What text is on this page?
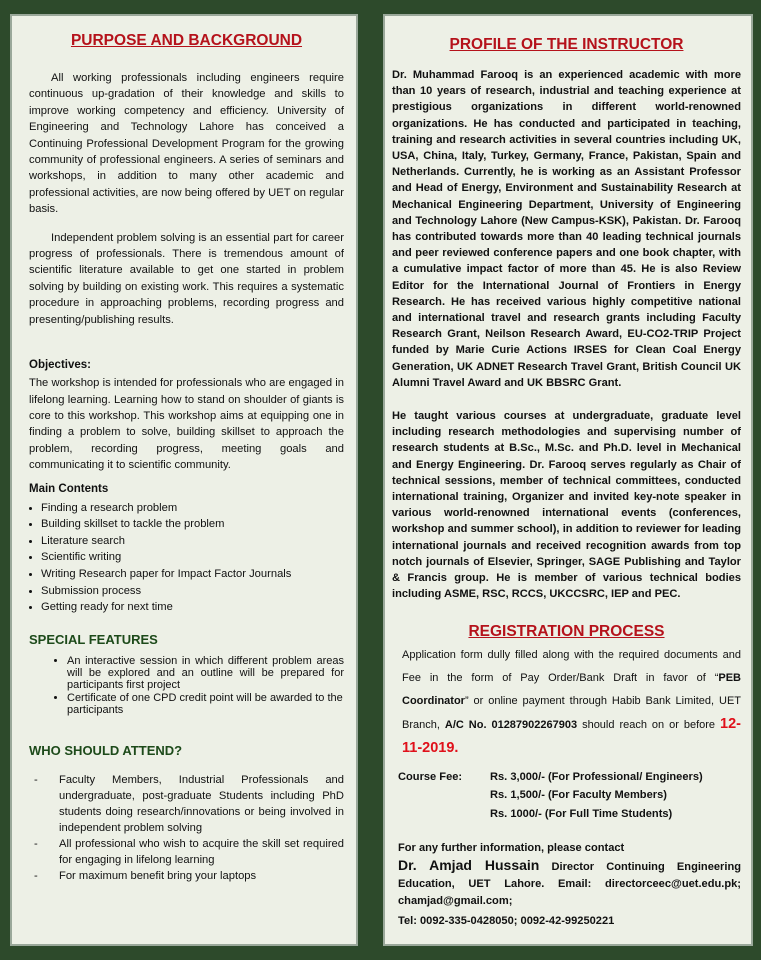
PURPOSE AND BACKGROUND

All working professionals including engineers require continuous up-gradation of their knowledge and skills to improve working competency and efficiency. University of Engineering and Technology Lahore has conceived a Continuing Professional Development Program for the growing community of professional engineers. A series of seminars and workshops, in addition to many other academic and professional activities, are now being offered by UET on regular basis.

Independent problem solving is an essential part for career progress of professionals. There is tremendous amount of scientific literature available to get one started in problem solving by building on existing work. This requires a systematic procedure in approaching problems, recording progress and presenting/publishing results.

Objectives:

The workshop is intended for professionals who are engaged in lifelong learning. Learning how to stand on shoulder of giants is core to this workshop. This workshop aims at equipping one in finding a problem to solve, building skillset to approach the problem, recording progress, meeting goals and communicating it to scientific community.

Main Contents
• Finding a research problem
• Building skillset to tackle the problem
• Literature search
• Scientific writing
• Writing Research paper for Impact Factor Journals
• Submission process
• Getting ready for next time
SPECIAL FEATURES
• An interactive session in which different problem areas will be explored and an outline will be prepared for participants first project
• Certificate of one CPD credit point will be awarded to the participants
WHO SHOULD ATTEND?
- Faculty Members, Industrial Professionals and undergraduate, post-graduate Students including PhD students doing research/innovations or being involved in independent problem solving
- All professional who wish to acquire the skill set required for engaging in lifelong learning
- For maximum benefit bring your laptops
PROFILE OF THE INSTRUCTOR

Dr. Muhammad Farooq is an experienced academic with more than 10 years of research, industrial and teaching experience at prestigious organizations in different world-renowned organizations. He has conducted and participated in teaching, training and research activities in several countries including UK, USA, China, Italy, Turkey, Germany, France, Pakistan, Spain and Netherlands. Currently, he is working as an Assistant Professor and Head of Energy, Environment and Sustainability Research at Mechanical Engineering Department, University of Engineering and Technology Lahore (New Campus-KSK), Pakistan. Dr. Farooq has contributed towards more than 40 leading technical journals and peer reviewed conference papers and one book chapter, with a cumulative impact factor of more than 45. He is also Review Editor for the International Journal of Frontiers in Energy Research. He has received various highly competitive national and international travel and research grants including Faculty Research Grant, Neilson Research Award, EU-CO2-TRIP Project funded by Marie Curie Actions IRSES for Clean Coal Energy Generation, UK ADNET Research Travel Grant, British Council UK Alumni Travel Award and UK BBSRC Grant.

He taught various courses at undergraduate, graduate level including research methodologies and supervising number of research students at B.Sc., M.Sc. and Ph.D. level in Mechanical and Energy Engineering. Dr. Farooq serves regularly as Chair of technical sessions, member of technical committees, conducted international training, Organizer and invited key-note speaker in various world-renowned international events (conferences, workshop and summer school), in addition to reviewer for leading international journals and received recognition awards from top notch journals of Elsevier, Springer, SAGE Publishing and Taylor & Francis group. He is member of various technical bodies including ASME, RSC, RCCS, UKCCSRC, IEP and PEC.

REGISTRATION PROCESS

Application form dully filled along with the required documents and Fee in the form of Pay Order/Bank Draft in favor of “PEB Coordinator” or online payment through Habib Bank Limited, UET Branch, A/C No. 01287902267903 should reach on or before 12-11-2019.

Course Fee:	Rs. 3,000/- (For Professional/ Engineers)
	Rs. 1,500/- (For Faculty Members)
	Rs. 1000/- (For Full Time Students)

For any further information, please contact

Dr. Amjad Hussain Director Continuing Engineering Education, UET Lahore. Email: directorceec@uet.edu.pk; chamjad@gmail.com;

Tel: 0092-335-0428050; 0092-42-99250221
